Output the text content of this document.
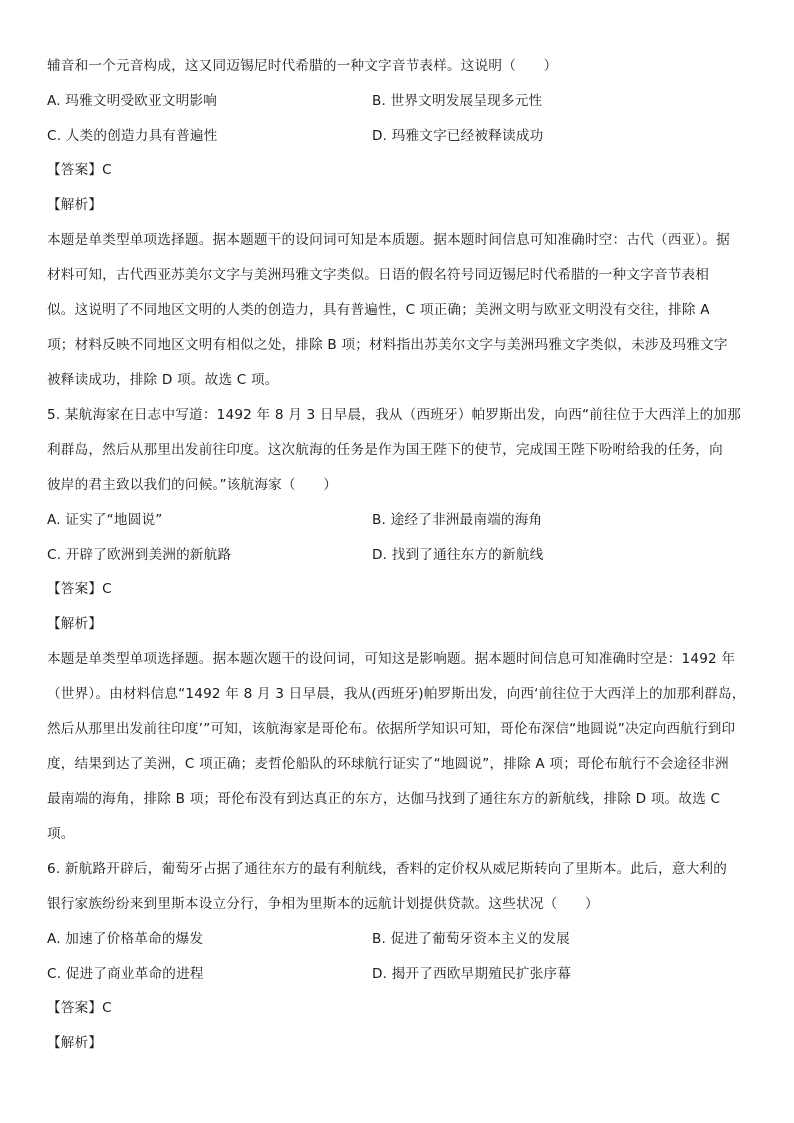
辅音和一个元音构成，这又同迈锡尼时代希腊的一种文字音节表样。这说明（　　）
A. 玛雅文明受欧亚文明影响	B. 世界文明发展呈现多元性
C. 人类的创造力具有普遍性	D. 玛雅文字已经被释读成功
【答案】C
【解析】
本题是单类型单项选择题。据本题题干的设问词可知是本质题。据本题时间信息可知准确时空：古代（西亚）。据
材料可知，古代西亚苏美尔文字与美洲玛雅文字类似。日语的假名符号同迈锡尼时代希腊的一种文字音节表相
似。这说明了不同地区文明的人类的创造力，具有普遍性，C 项正确；美洲文明与欧亚文明没有交往，排除 A
项；材料反映不同地区文明有相似之处，排除 B 项；材料指出苏美尔文字与美洲玛雅文字类似，未涉及玛雅文字
被释读成功，排除 D 项。故选 C 项。
5. 某航海家在日志中写道：1492 年 8 月 3 日早晨，我从（西班牙）帕罗斯出发，向西“前往位于大西洋上的加那
利群岛，然后从那里出发前往印度。这次航海的任务是作为国王陛下的使节，完成国王陛下吩咐给我的任务，向
彼岸的君主致以我们的问候。”该航海家（　　）
A. 证实了“地圆说”	B. 途经了非洲最南端的海角
C. 开辟了欧洲到美洲的新航路	D. 找到了通往东方的新航线
【答案】C
【解析】
本题是单类型单项选择题。据本题次题干的设问词，可知这是影响题。据本题时间信息可知准确时空是：1492 年
（世界）。由材料信息“1492 年 8 月 3 日早晨，我从(西班牙)帕罗斯出发，向西‘前往位于大西洋上的加那利群岛，
然后从那里出发前往印度’”可知，该航海家是哥伦布。依据所学知识可知，哥伦布深信“地圆说”决定向西航行到印
度，结果到达了美洲，C 项正确；麦哲伦船队的环球航行证实了“地圆说”，排除 A 项；哥伦布航行不会途径非洲
最南端的海角，排除 B 项；哥伦布没有到达真正的东方，达伽马找到了通往东方的新航线，排除 D 项。故选 C
项。
6. 新航路开辟后，葡萄牙占据了通往东方的最有利航线，香料的定价权从威尼斯转向了里斯本。此后，意大利的
银行家族纷纷来到里斯本设立分行，争相为里斯本的远航计划提供贷款。这些状况（　　）
A. 加速了价格革命的爆发	B. 促进了葡萄牙资本主义的发展
C. 促进了商业革命的进程	D. 揭开了西欧早期殖民扩张序幕
【答案】C
【解析】
